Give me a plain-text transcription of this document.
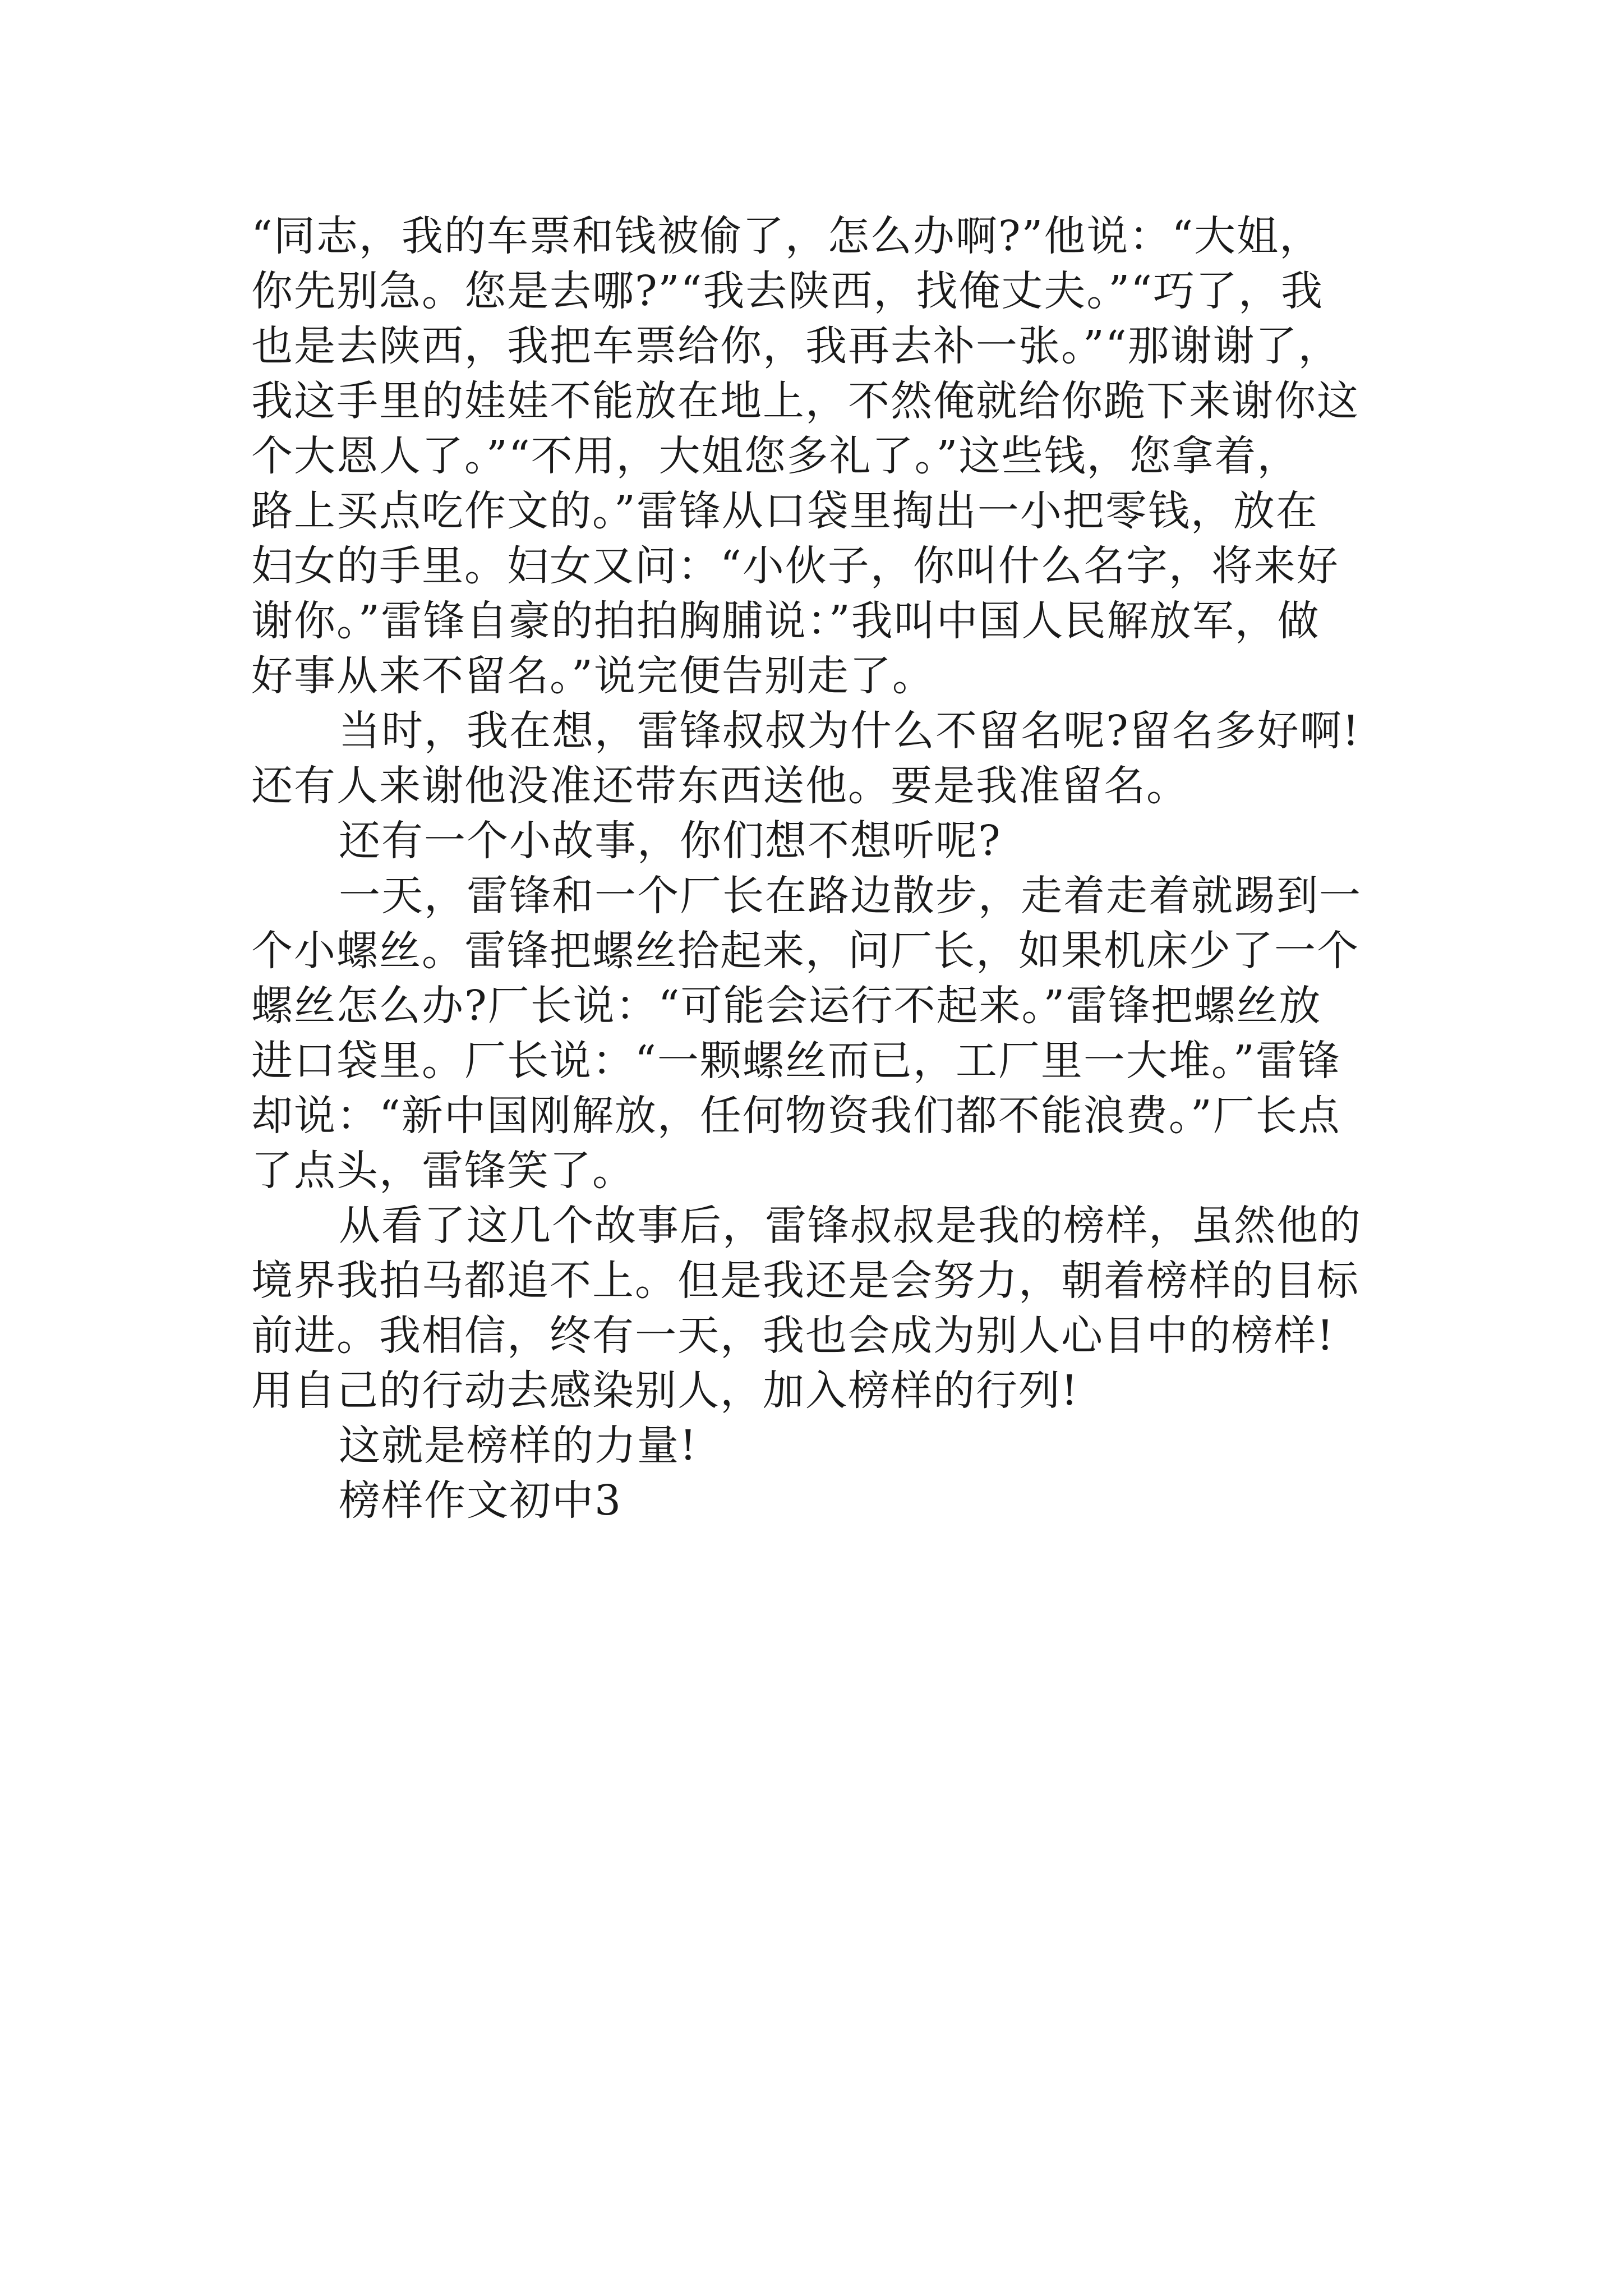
“同志，我的车票和钱被偷了，怎么办啊?”他说：“大姐，
你先别急。您是去哪?”“我去陕西，找俺丈夫。”“巧了，我
也是去陕西，我把车票给你，我再去补一张。”“那谢谢了，
我这手里的娃娃不能放在地上，不然俺就给你跪下来谢你这
个大恩人了。”“不用，大姐您多礼了。”这些钱，您拿着，
路上买点吃作文的。”雷锋从口袋里掏出一小把零钱，放在
妇女的手里。妇女又问：“小伙子，你叫什么名字，将来好
谢你。”雷锋自豪的拍拍胸脯说：”我叫中国人民解放军，做
好事从来不留名。”说完便告别走了。
当时，我在想，雷锋叔叔为什么不留名呢?留名多好啊!
还有人来谢他没准还带东西送他。要是我准留名。
还有一个小故事，你们想不想听呢?
一天，雷锋和一个厂长在路边散步，走着走着就踢到一
个小螺丝。雷锋把螺丝拾起来，问厂长，如果机床少了一个
螺丝怎么办?厂长说：“可能会运行不起来。”雷锋把螺丝放
进口袋里。厂长说：“一颗螺丝而已，工厂里一大堆。”雷锋
却说：“新中国刚解放，任何物资我们都不能浪费。”厂长点
了点头，雷锋笑了。
从看了这几个故事后，雷锋叔叔是我的榜样，虽然他的
境界我拍马都追不上。但是我还是会努力，朝着榜样的目标
前进。我相信，终有一天，我也会成为别人心目中的榜样!
用自己的行动去感染别人，加入榜样的行列!
这就是榜样的力量!
榜样作文初中3
